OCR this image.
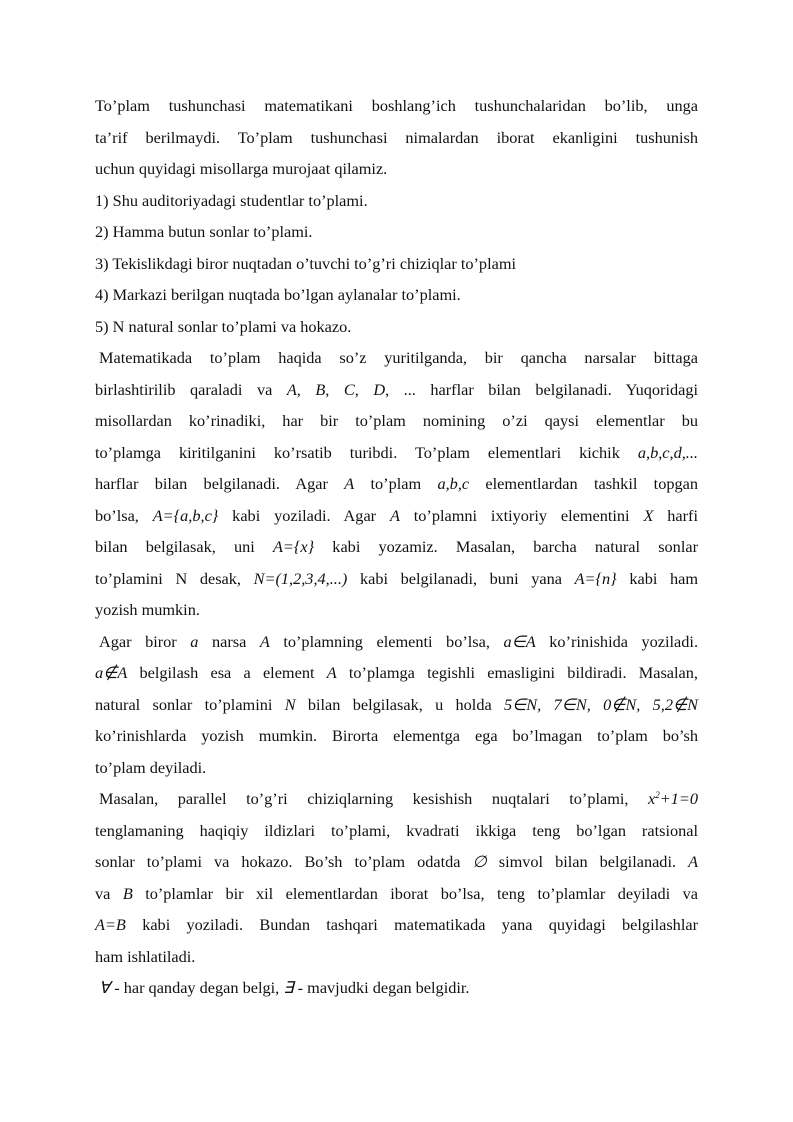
To’plam tushunchasi matematikani boshlang’ich tushunchalaridan bo’lib, unga
ta’rif berilmaydi. To’plam tushunchasi nimalardan iborat ekanligini tushunish
uchun quyidagi misollarga murojaat qilamiz.
1) Shu auditoriyadagi studentlar to’plami.
2) Hamma butun sonlar to’plami.
3) Tekislikdagi biror nuqtadan o’tuvchi to’g’ri chiziqlar to’plami
4) Markazi berilgan nuqtada bo’lgan aylanalar to’plami.
5) N natural sonlar to’plami va hokazo.
Matematikada to’plam haqida so’z yuritilganda, bir qancha narsalar bittaga
birlashtirilib qaraladi va A, B, C, D, ... harflar bilan belgilanadi. Yuqoridagi
misollardan ko’rinadiki, har bir to’plam nomining o’zi qaysi elementlar bu
to’plamga kiritilganini ko’rsatib turibdi. To’plam elementlari kichik a,b,c,d,...
harflar bilan belgilanadi. Agar A to’plam a,b,c elementlardan tashkil topgan
bo’lsa, A={a,b,c} kabi yoziladi. Agar A to’plamni ixtiyoriy elementini X harfi
bilan belgilasak, uni A={x} kabi yozamiz. Masalan, barcha natural sonlar
to’plamini N desak, N=(1,2,3,4,...) kabi belgilanadi, buni yana A={n} kabi ham
yozish mumkin.
Agar biror a narsa A to’plamning elementi bo’lsa, a∈A ko’rinishida yoziladi.
a∉A belgilash esa a element A to’plamga tegishli emasligini bildiradi. Masalan,
natural sonlar to’plamini N bilan belgilasak, u holda 5∈N, 7∈N, 0∉N, 5,2∉N
ko’rinishlarda yozish mumkin. Birorta elementga ega bo’lmagan to’plam bo’sh
to’plam deyiladi.
Masalan, parallel to’g’ri chiziqlarning kesishish nuqtalari to’plami, $x^2+1=0$
tenglamaning haqiqiy ildizlari to’plami, kvadrati ikkiga teng bo’lgan ratsional
sonlar to’plami va hokazo. Bo’sh to’plam odatda ∅ simvol bilan belgilanadi. A
va B to’plamlar bir xil elementlardan iborat bo’lsa, teng to’plamlar deyiladi va
A=B kabi yoziladi. Bundan tashqari matematikada yana quyidagi belgilashlar
ham ishlatiladi.
∀ - har qanday degan belgi, ∃ - mavjudki degan belgidir.
